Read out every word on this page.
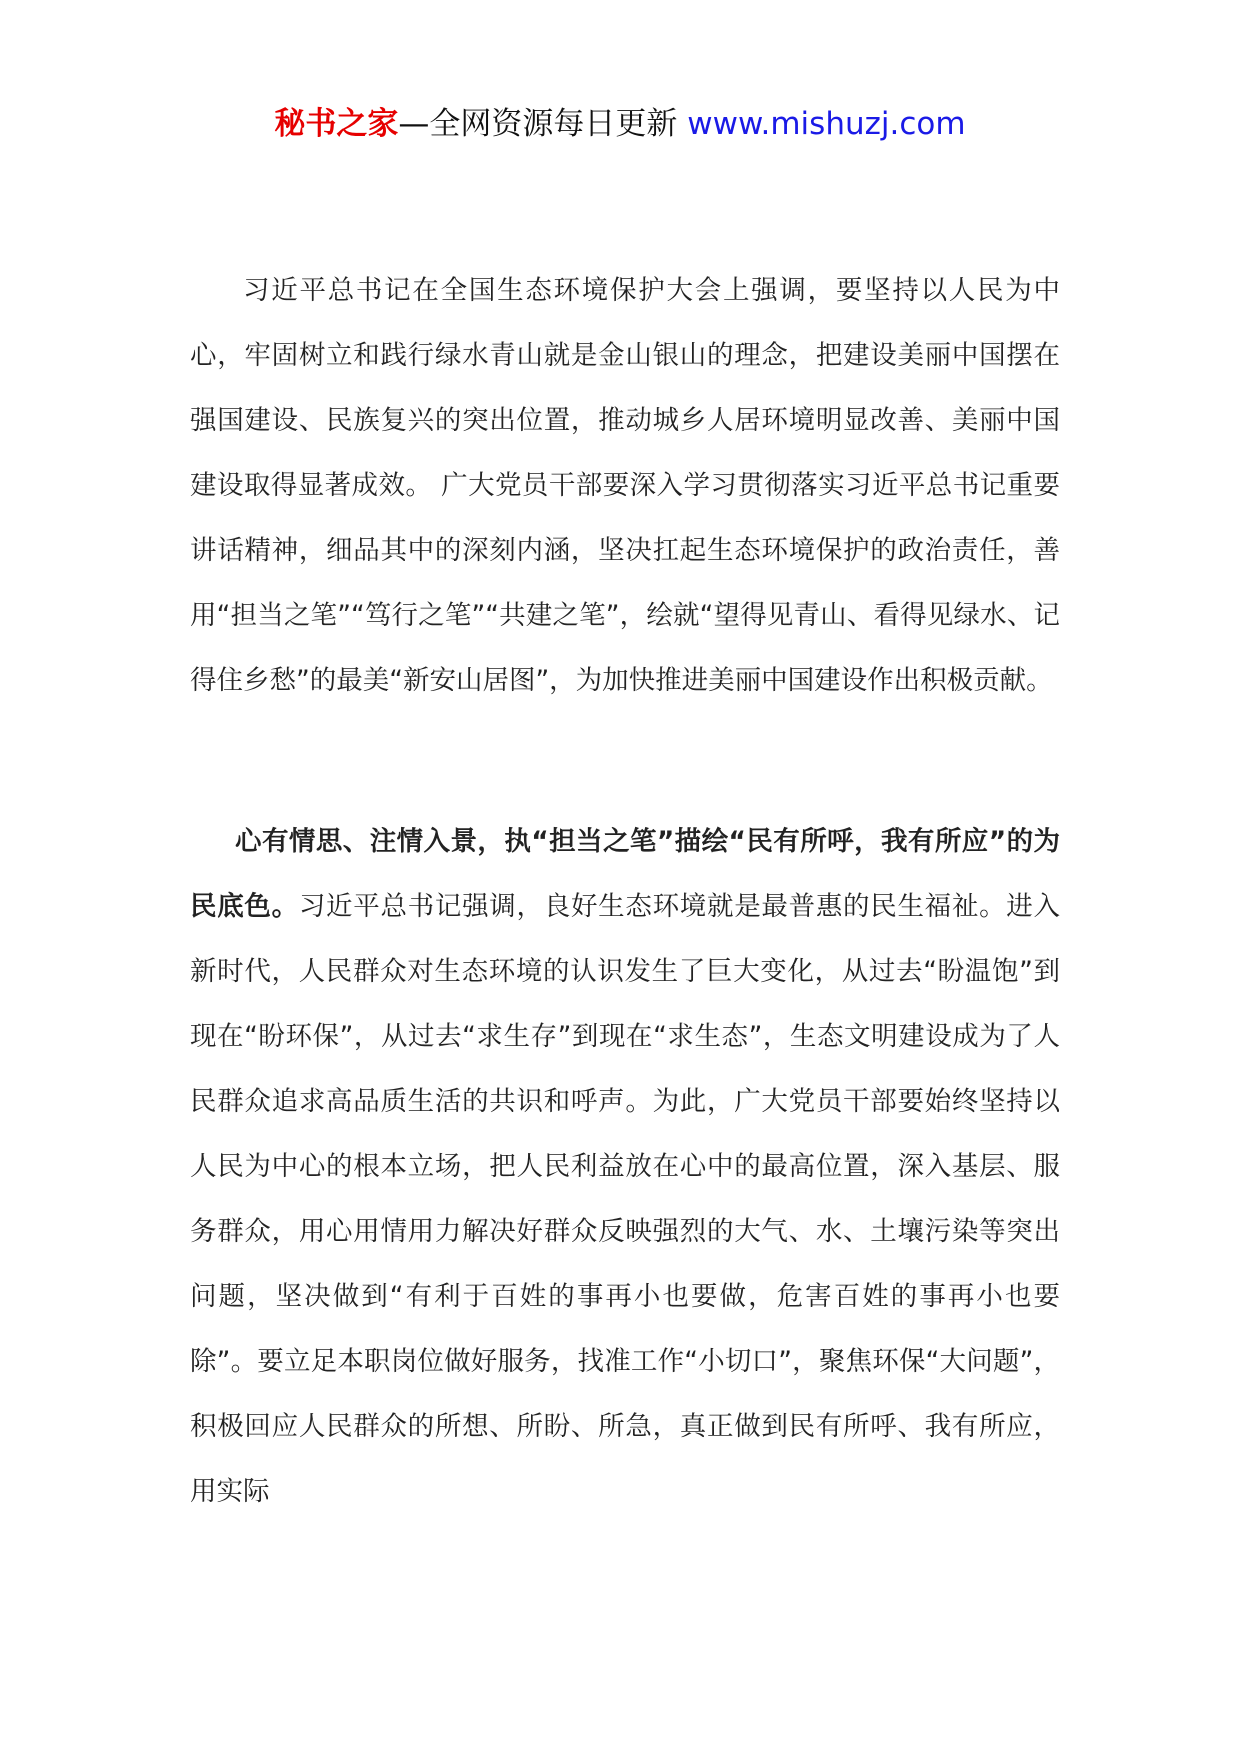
秘书之家—全网资源每日更新 www.mishuzj.com

习近平总书记在全国生态环境保护大会上强调，要坚持以人民为中心，牢固树立和践行绿水青山就是金山银山的理念，把建设美丽中国摆在强国建设、民族复兴的突出位置，推动城乡人居环境明显改善、美丽中国建设取得显著成效。 广大党员干部要深入学习贯彻落实习近平总书记重要讲话精神，细品其中的深刻内涵，坚决扛起生态环境保护的政治责任，善用“担当之笔”“笃行之笔”“共建之笔”，绘就“望得见青山、看得见绿水、记得住乡愁”的最美“新安山居图”，为加快推进美丽中国建设作出积极贡献。

心有情思、注情入景，执“担当之笔”描绘“民有所呼，我有所应”的为民底色。习近平总书记强调，良好生态环境就是最普惠的民生福祉。进入新时代，人民群众对生态环境的认识发生了巨大变化，从过去“盼温饱”到现在“盼环保”，从过去“求生存”到现在“求生态”，生态文明建设成为了人民群众追求高品质生活的共识和呼声。为此，广大党员干部要始终坚持以人民为中心的根本立场，把人民利益放在心中的最高位置，深入基层、服务群众，用心用情用力解决好群众反映强烈的大气、水、土壤污染等突出问题，坚决做到“有利于百姓的事再小也要做，危害百姓的事再小也要除”。要立足本职岗位做好服务，找准工作“小切口”，聚焦环保“大问题”，积极回应人民群众的所想、所盼、所急，真正做到民有所呼、我有所应，用实际
